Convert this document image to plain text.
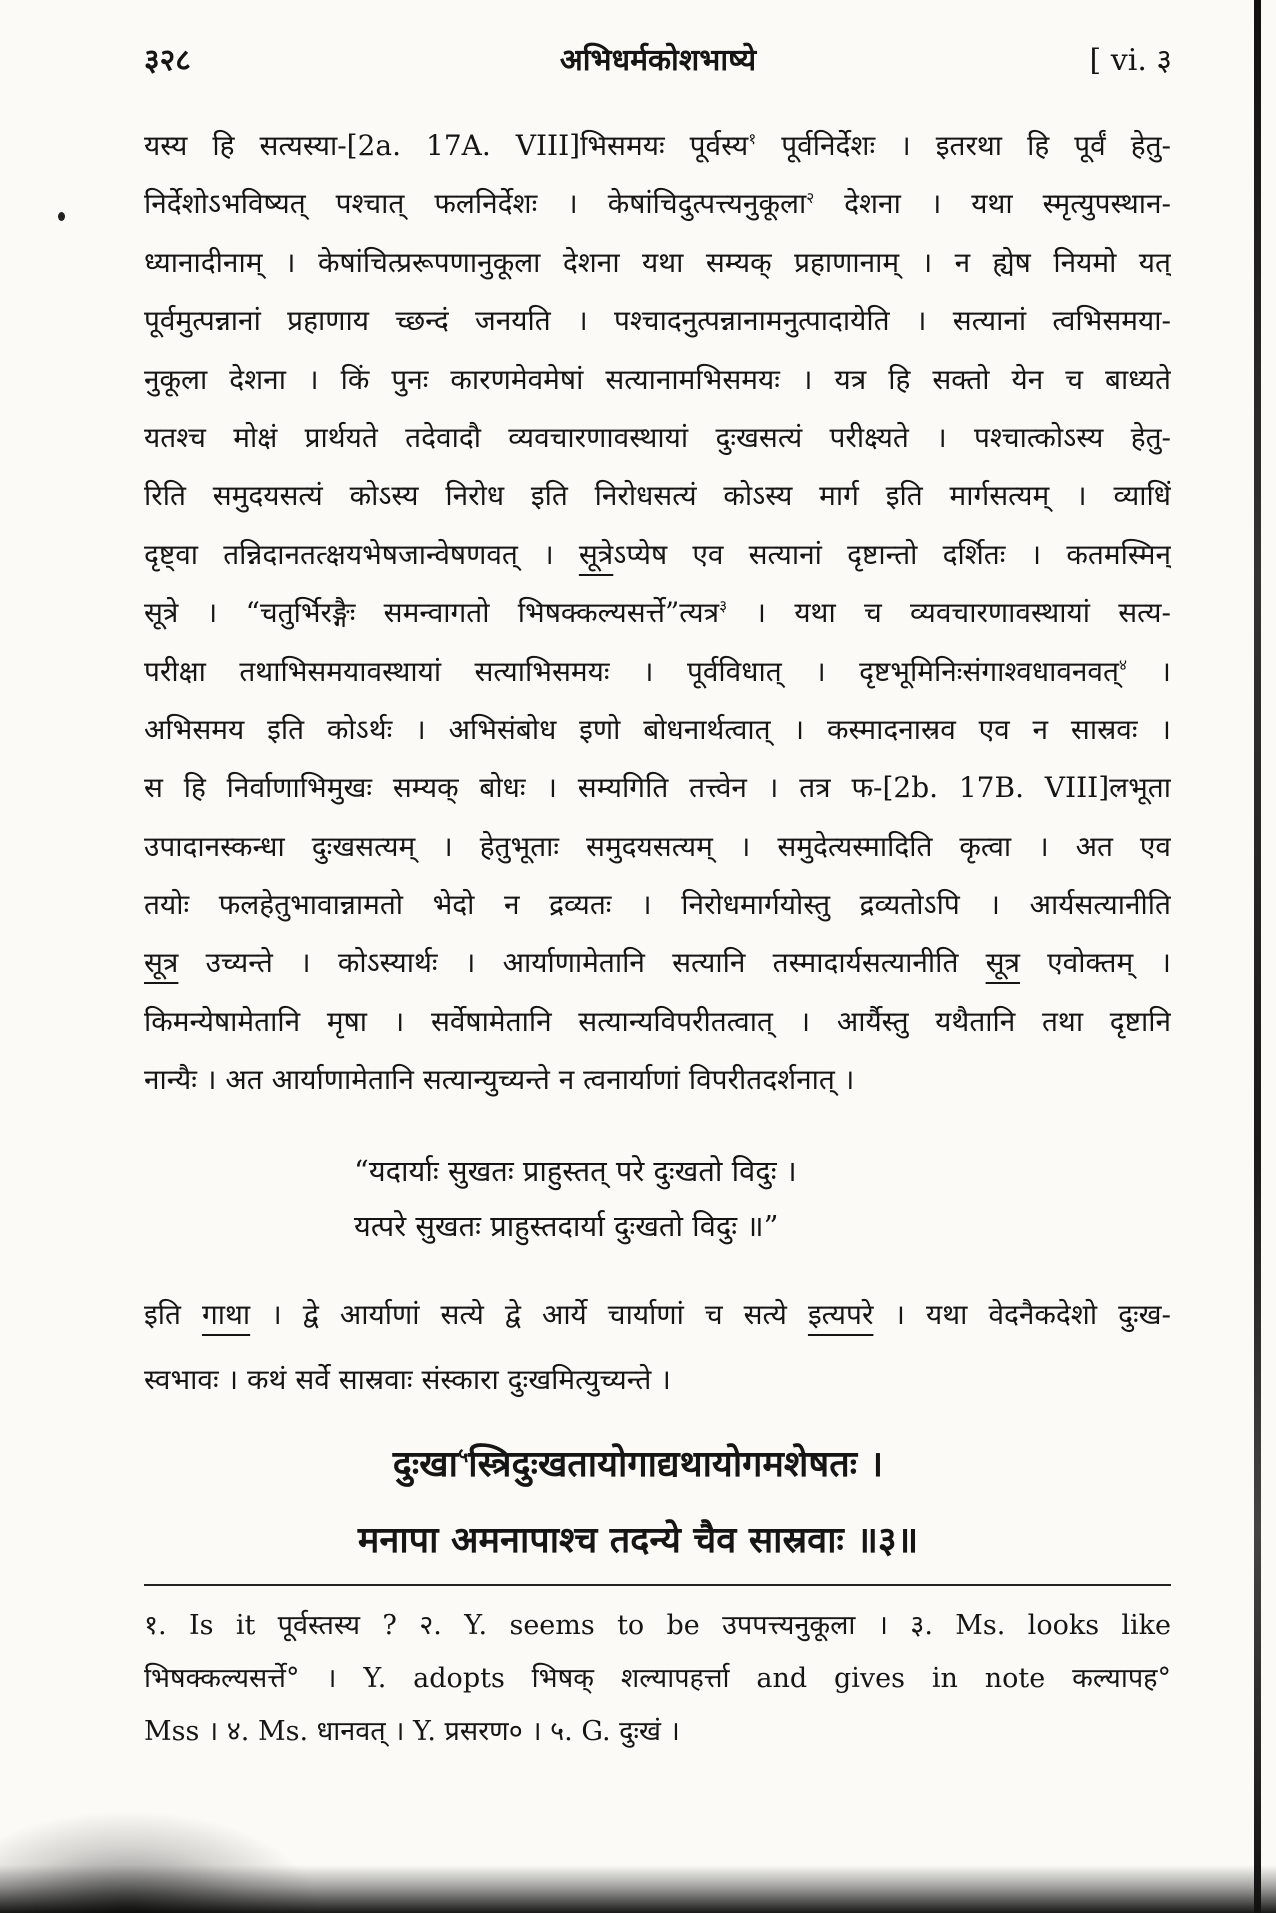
३२८	अभिधर्मकोशभाष्ये	[ vi. ३
यस्य हि सत्यस्या-[2a. 17A. VIII]भिसमयः पूर्वस्य$^१$ पूर्वनिर्देशः । इतरथा हि पूर्वं हेतु-
निर्देशोऽभविष्यत् पश्चात् फलनिर्देशः । केषांचिदुत्पत्त्यनुकूला$^२$ देशना । यथा स्मृत्युपस्थान-
ध्यानादीनाम् । केषांचित्प्ररूपणानुकूला देशना यथा सम्यक् प्रहाणानाम् । न ह्येष नियमो यत्
पूर्वमुत्पन्नानां प्रहाणाय च्छन्दं जनयति । पश्चादनुत्पन्नानामनुत्पादायेति । सत्यानां त्वभिसमया-
नुकूला देशना । किं पुनः कारणमेवमेषां सत्यानामभिसमयः । यत्र हि सक्तो येन च बाध्यते
यतश्च मोक्षं प्रार्थयते तदेवादौ व्यवचारणावस्थायां दुःखसत्यं परीक्ष्यते । पश्चात्कोऽस्य हेतु-
रिति समुदयसत्यं कोऽस्य निरोध इति निरोधसत्यं कोऽस्य मार्ग इति मार्गसत्यम् । व्याधिं
दृष्ट्वा तन्निदानतत्क्षयभेषजान्वेषणवत् । सूत्रेऽप्येष एव सत्यानां दृष्टान्तो दर्शितः । कतमस्मिन्
सूत्रे । “चतुर्भिरङ्गैः समन्वागतो भिषक्कल्यसर्त्ते”त्यत्र$^३$ । यथा च व्यवचारणावस्थायां सत्य-
परीक्षा तथाभिसमयावस्थायां सत्याभिसमयः । पूर्वविधात् । दृष्टभूमिनिःसंगाश्वधावनवत्$^४$ ।
अभिसमय इति कोऽर्थः । अभिसंबोध इणो बोधनार्थत्वात् । कस्मादनास्रव एव न सास्रवः ।
स हि निर्वाणाभिमुखः सम्यक् बोधः । सम्यगिति तत्त्वेन । तत्र फ-[2b. 17B. VIII]लभूता
उपादानस्कन्धा दुःखसत्यम् । हेतुभूताः समुदयसत्यम् । समुदेत्यस्मादिति कृत्वा । अत एव
तयोः फलहेतुभावान्नामतो भेदो न द्रव्यतः । निरोधमार्गयोस्तु द्रव्यतोऽपि । आर्यसत्यानीति
सूत्र उच्यन्ते । कोऽस्यार्थः । आर्याणामेतानि सत्यानि तस्मादार्यसत्यानीति सूत्र एवोक्तम् ।
किमन्येषामेतानि मृषा । सर्वेषामेतानि सत्यान्यविपरीतत्वात् । आर्यैस्तु यथैतानि तथा दृष्टानि
नान्यैः । अत आर्याणामेतानि सत्यान्युच्यन्ते न त्वनार्याणां विपरीतदर्शनात् ।
“यदार्याः सुखतः प्राहुस्तत् परे दुःखतो विदुः ।
यत्परे सुखतः प्राहुस्तदार्या दुःखतो विदुः ॥”
इति गाथा । द्वे आर्याणां सत्ये द्वे आर्ये चार्याणां च सत्ये इत्यपरे । यथा वेदनैकदेशो दुःख-
स्वभावः । कथं सर्वे सास्रवाः संस्कारा दुःखमित्युच्यन्ते ।
दुःखा$^५$स्त्रिदुःखतायोगाद्यथायोगमशेषतः ।
मनापा अमनापाश्च तदन्ये चैव सास्रवाः ॥३॥
१. Is it पूर्वस्तस्य ? २. Y. seems to be उपपत्त्यनुकूला । ३. Ms. looks like
भिषक्कल्यसर्त्ते° । Y. adopts भिषक् शल्यापहर्त्ता and gives in note कल्यापह°
Mss । ४. Ms. धानवत् । Y. प्रसरण० । ५. G. दुःखं ।
